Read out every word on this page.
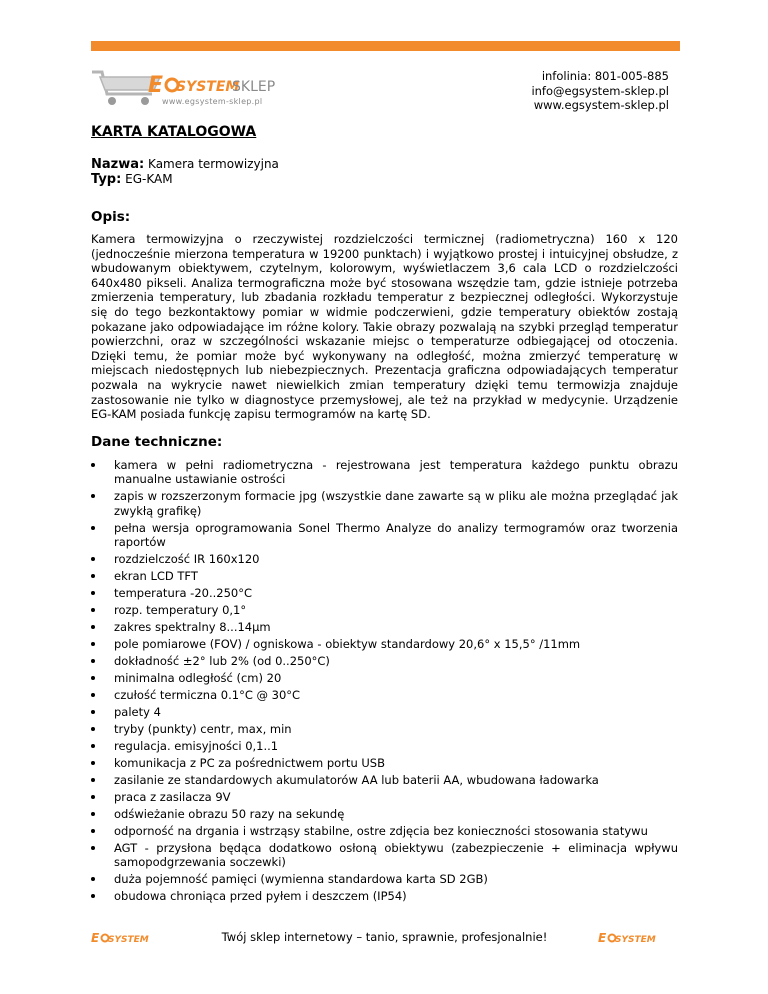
E SYSTEM
SKLEP
www.egsystem-sklep.pl
infolinia: 801-005-885
info@egsystem-sklep.pl
www.egsystem-sklep.pl
KARTA KATALOGOWA

Nazwa: Kamera termowizyjna

Typ: EG-KAM

Opis:

Kamera termowizyjna o rzeczywistej rozdzielczości termicznej (radiometryczna) 160 x 120 (jednocześnie mierzona temperatura w 19200 punktach) i wyjątkowo prostej i intuicyjnej obsłudze, z wbudowanym obiektywem, czytelnym, kolorowym, wyświetlaczem 3,6 cala LCD o rozdzielczości 640x480 pikseli. Analiza termograficzna może być stosowana wszędzie tam, gdzie istnieje potrzeba zmierzenia temperatury, lub zbadania rozkładu temperatur z bezpiecznej odległości. Wykorzystuje się do tego bezkontaktowy pomiar w widmie podczerwieni, gdzie temperatury obiektów zostają pokazane jako odpowiadające im różne kolory. Takie obrazy pozwalają na szybki przegląd temperatur powierzchni, oraz w szczególności wskazanie miejsc o temperaturze odbiegającej od otoczenia. Dzięki temu, że pomiar może być wykonywany na odległość, można zmierzyć temperaturę w miejscach niedostępnych lub niebezpiecznych. Prezentacja graficzna odpowiadających temperatur pozwala na wykrycie nawet niewielkich zmian temperatury dzięki temu termowizja znajduje zastosowanie nie tylko w diagnostyce przemysłowej, ale też na przykład w medycynie. Urządzenie EG-KAM posiada funkcję zapisu termogramów na kartę SD.

Dane techniczne:
kamera w pełni radiometryczna - rejestrowana jest temperatura każdego punktu obrazu manualne ustawianie ostrości
zapis w rozszerzonym formacie jpg (wszystkie dane zawarte są w pliku ale można przeglądać jak zwykłą grafikę)
pełna wersja oprogramowania Sonel Thermo Analyze do analizy termogramów oraz tworzenia raportów
rozdzielczość IR 160x120
ekran LCD TFT
temperatura -20..250°C
rozp. temperatury 0,1°
zakres spektralny 8...14µm
pole pomiarowe (FOV) / ogniskowa - obiektyw standardowy 20,6° x 15,5° /11mm
dokładność ±2° lub 2% (od 0..250°C)
minimalna odległość (cm) 20
czułość termiczna 0.1°C @ 30°C
palety 4
tryby (punkty) centr, max, min
regulacja. emisyjności 0,1..1
komunikacja z PC za pośrednictwem portu USB
zasilanie ze standardowych akumulatorów AA lub baterii AA, wbudowana ładowarka
praca z zasilacza 9V
odświeżanie obrazu 50 razy na sekundę
odporność na drgania i wstrząsy stabilne, ostre zdjęcia bez konieczności stosowania statywu
AGT - przysłona będąca dodatkowo osłoną obiektywu (zabezpieczenie + eliminacja wpływu samopodgrzewania soczewki)
duża pojemność pamięci (wymienna standardowa karta SD 2GB)
obudowa chroniąca przed pyłem i deszczem (IP54)
E SYSTEM	Twój sklep internetowy – tanio, sprawnie, profesjonalnie!	E SYSTEM
